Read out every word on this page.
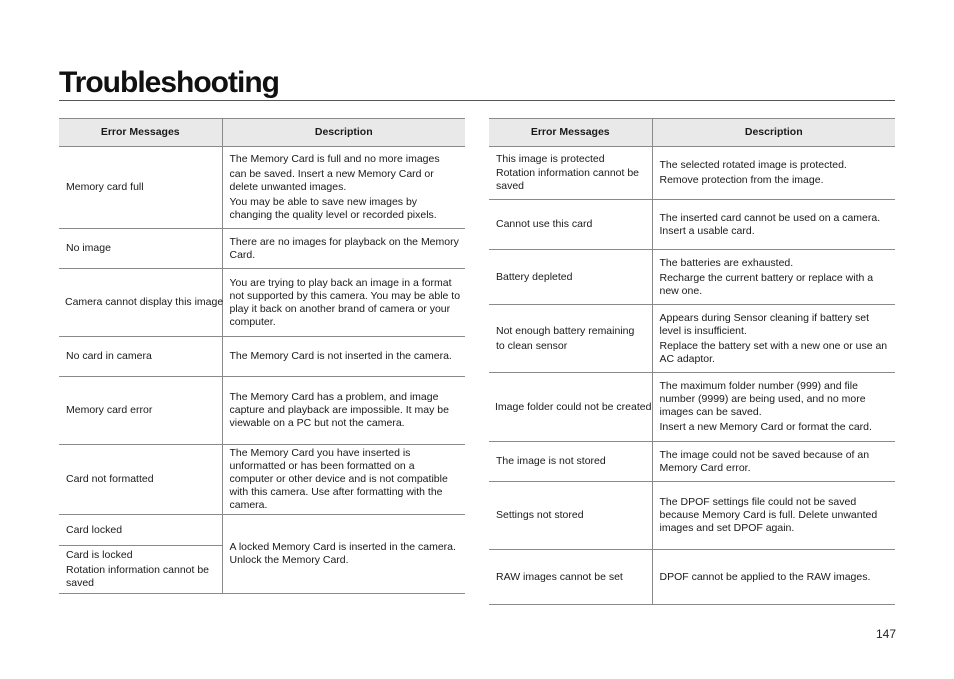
Troubleshooting
Error Messages	Description

Memory card full	The Memory Card is full and no more images
can be saved. Insert a new Memory Card or delete unwanted images.
You may be able to save new images by changing the quality level or recorded pixels.

No image	There are no images for playback on the Memory Card.

Camera cannot display this image	You are trying to play back an image in a format not supported by this camera. You may be able to play it back on another brand of camera or your computer.

No card in camera	The Memory Card is not inserted in the camera.

Memory card error	The Memory Card has a problem, and image capture and playback are impossible. It may be viewable on a PC but not the camera.

Card not formatted	The Memory Card you have inserted is unformatted or has been formatted on a computer or other device and is not compatible with this camera. Use after formatting with the camera.

Card locked	A locked Memory Card is inserted in the camera.
Unlock the Memory Card.

Card is locked
Rotation information cannot be saved	
Error Messages	Description

This image is protected
Rotation information cannot be saved	The selected rotated image is protected.
Remove protection from the image.

Cannot use this card	The inserted card cannot be used on a camera. Insert a usable card.

Battery depleted	The batteries are exhausted.
Recharge the current battery or replace with a new one.

Not enough battery remaining
to clean sensor	Appears during Sensor cleaning if battery set level is insufficient.
Replace the battery set with a new one or use an AC adaptor.

Image folder could not be created	The maximum folder number (999) and file number (9999) are being used, and no more images can be saved.
Insert a new Memory Card or format the card.

The image is not stored	The image could not be saved because of an Memory Card error.

Settings not stored	The DPOF settings file could not be saved because Memory Card is full. Delete unwanted images and set DPOF again.

RAW images cannot be set	DPOF cannot be applied to the RAW images.
147
